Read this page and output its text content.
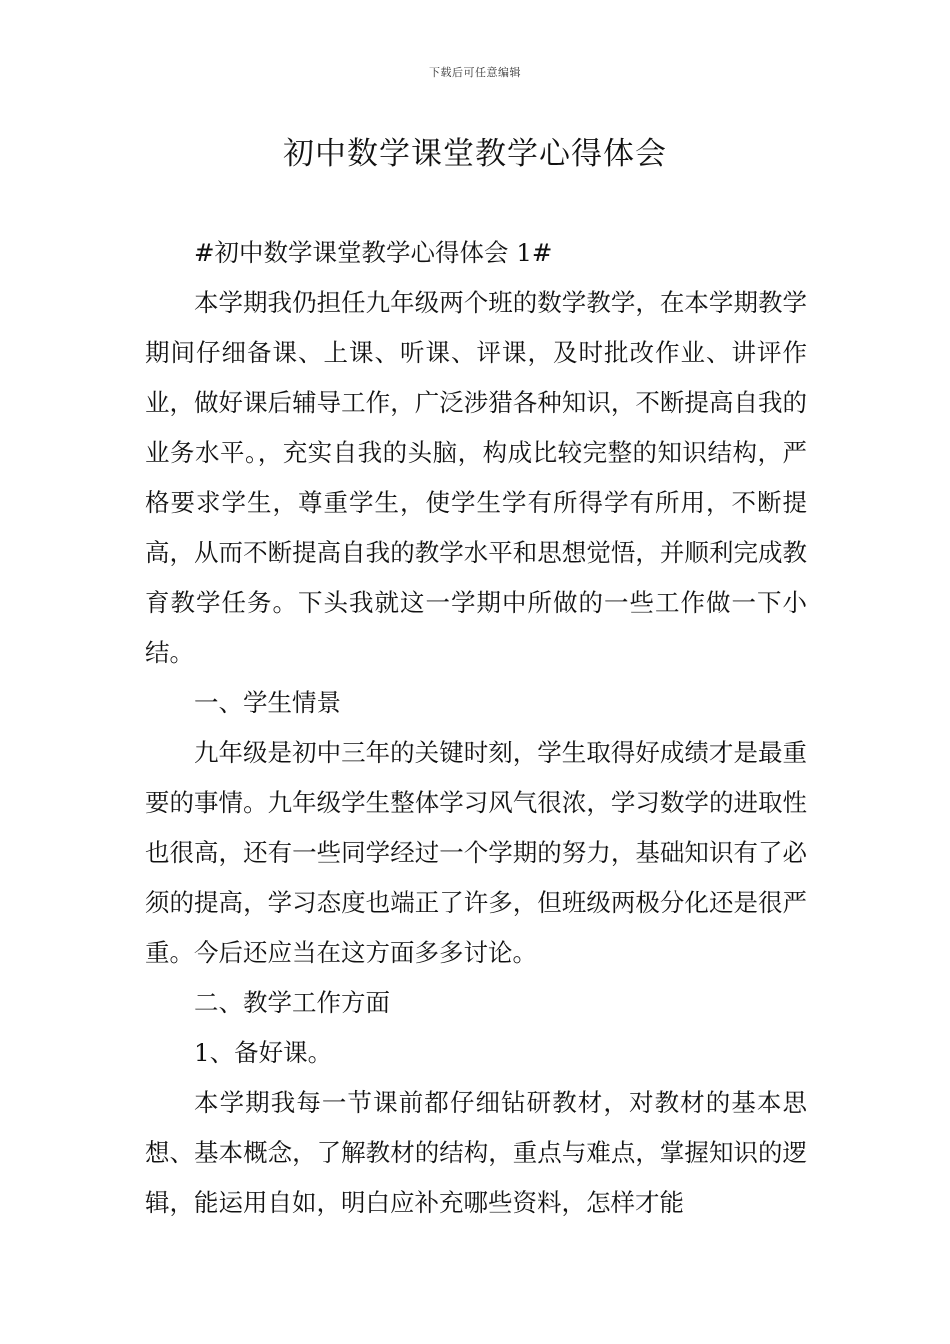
下载后可任意编辑
初中数学课堂教学心得体会

#初中数学课堂教学心得体会 1#

本学期我仍担任九年级两个班的数学教学，在本学期教学期间仔细备课、上课、听课、评课，及时批改作业、讲评作业，做好课后辅导工作，广泛涉猎各种知识，不断提高自我的业务水平。，充实自我的头脑，构成比较完整的知识结构，严格要求学生，尊重学生，使学生学有所得学有所用，不断提高，从而不断提高自我的教学水平和思想觉悟，并顺利完成教育教学任务。下头我就这一学期中所做的一些工作做一下小结。

一、学生情景

九年级是初中三年的关键时刻，学生取得好成绩才是最重要的事情。九年级学生整体学习风气很浓，学习数学的进取性也很高，还有一些同学经过一个学期的努力，基础知识有了必须的提高，学习态度也端正了许多，但班级两极分化还是很严重。今后还应当在这方面多多讨论。

二、教学工作方面

1、备好课。

本学期我每一节课前都仔细钻研教材，对教材的基本思想、基本概念，了解教材的结构，重点与难点，掌握知识的逻辑，能运用自如，明白应补充哪些资料，怎样才能
